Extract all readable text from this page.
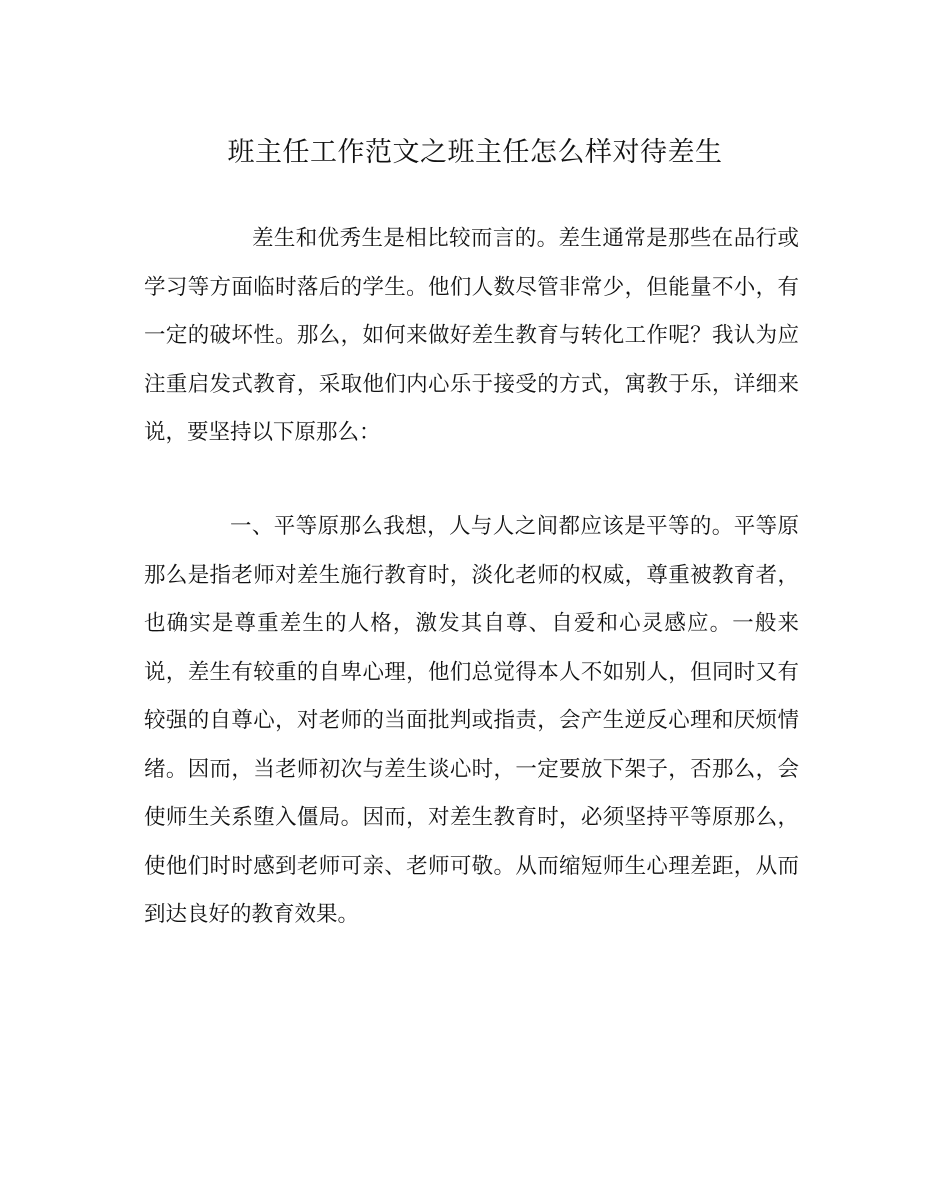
班主任工作范文之班主任怎么样对待差生

差生和优秀生是相比较而言的。差生通常是那些在品行或学习等方面临时落后的学生。他们人数尽管非常少，但能量不小，有一定的破坏性。那么，如何来做好差生教育与转化工作呢？我认为应注重启发式教育，采取他们内心乐于接受的方式，寓教于乐，详细来说，要坚持以下原那么：

一、平等原那么我想，人与人之间都应该是平等的。平等原那么是指老师对差生施行教育时，淡化老师的权威，尊重被教育者，也确实是尊重差生的人格，激发其自尊、自爱和心灵感应。一般来说，差生有较重的自卑心理，他们总觉得本人不如别人，但同时又有较强的自尊心，对老师的当面批判或指责，会产生逆反心理和厌烦情绪。因而，当老师初次与差生谈心时，一定要放下架子，否那么，会使师生关系堕入僵局。因而，对差生教育时，必须坚持平等原那么，使他们时时感到老师可亲、老师可敬。从而缩短师生心理差距，从而到达良好的教育效果。
